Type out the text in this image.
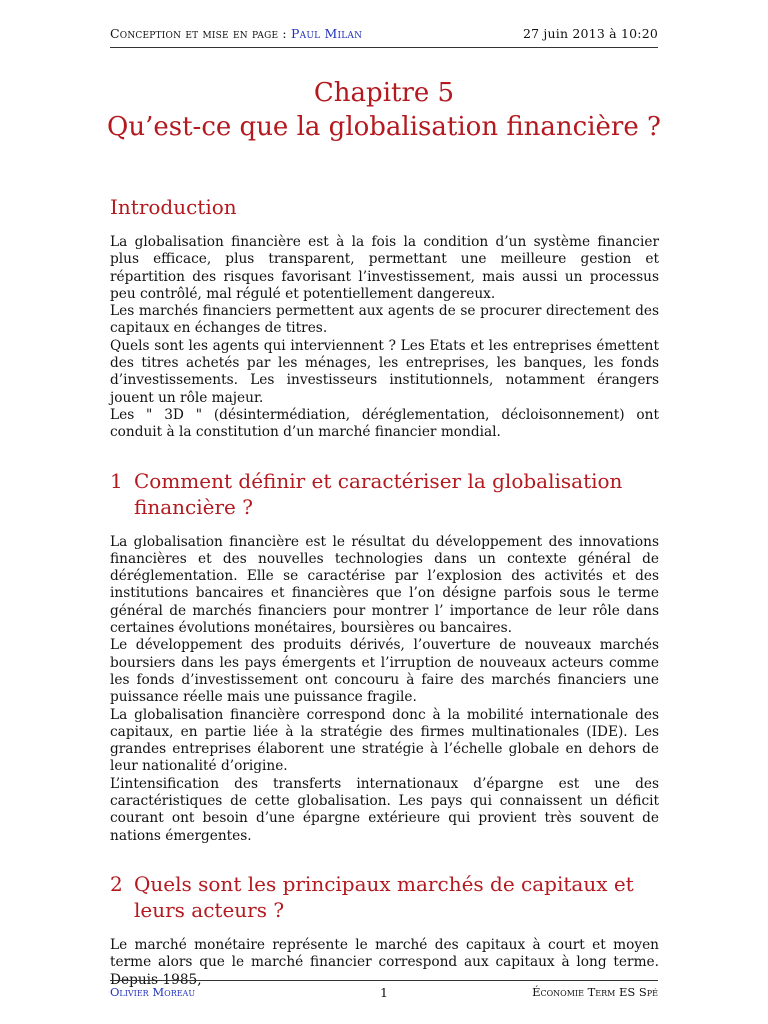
Conception et mise en page : Paul Milan	27 juin 2013 à 10:20
Chapitre 5
Qu’est-ce que la globalisation financière ?
Introduction

La globalisation financière est à la fois la condition d’un système financier plus efficace, plus transparent, permettant une meilleure gestion et répartition des risques favorisant l’investissement, mais aussi un processus peu contrôlé, mal régulé et potentiellement dangereux.

Les marchés financiers permettent aux agents de se procurer directement des capitaux en échanges de titres.

Quels sont les agents qui interviennent ? Les Etats et les entreprises émettent des titres achetés par les ménages, les entreprises, les banques, les fonds d’investissements. Les investisseurs institutionnels, notamment érangers jouent un rôle majeur.

Les " 3D " (désintermédiation, déréglementation, décloisonnement) ont conduit à la constitution d’un marché financier mondial.

1 Comment définir et caractériser la globalisation financière ?

La globalisation financière est le résultat du développement des innovations financières et des nouvelles technologies dans un contexte général de déréglementation. Elle se caractérise par l’explosion des activités et des institutions bancaires et financières que l’on désigne parfois sous le terme général de marchés financiers pour montrer l’ importance de leur rôle dans certaines évolutions monétaires, boursières ou bancaires.

Le développement des produits dérivés, l’ouverture de nouveaux marchés boursiers dans les pays émergents et l’irruption de nouveaux acteurs comme les fonds d’investissement ont concouru à faire des marchés financiers une puissance réelle mais une puissance fragile.

La globalisation financière correspond donc à la mobilité internationale des capitaux, en partie liée à la stratégie des firmes multinationales (IDE). Les grandes entreprises élaborent une stratégie à l’échelle globale en dehors de leur nationalité d’origine.

L’intensification des transferts internationaux d’épargne est une des caractéristiques de cette globalisation. Les pays qui connaissent un déficit courant ont besoin d’une épargne extérieure qui provient très souvent de nations émergentes.

2 Quels sont les principaux marchés de capitaux et leurs acteurs ?

Le marché monétaire représente le marché des capitaux à court et moyen terme alors que le marché financier correspond aux capitaux à long terme. Depuis 1985,

Olivier Moreau	1	Économie Term ES Spé
